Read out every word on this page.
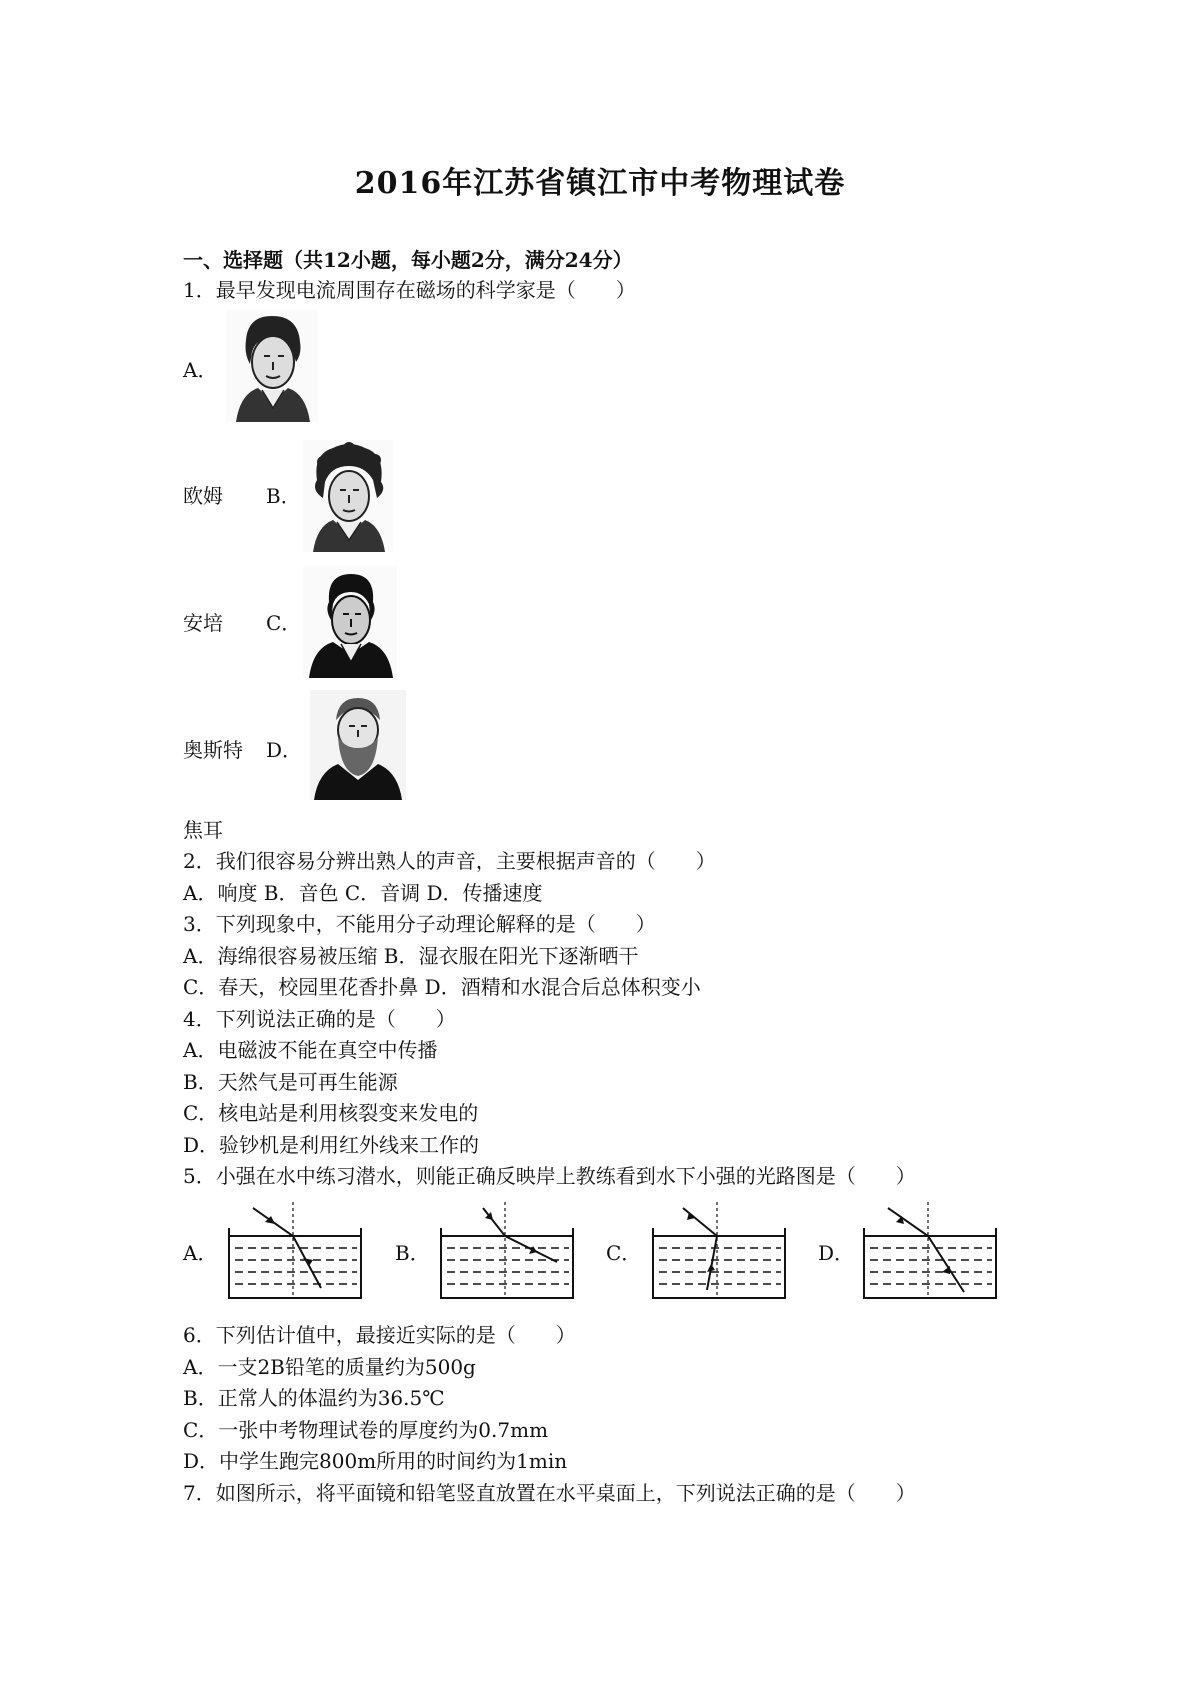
2016年江苏省镇江市中考物理试卷
一、选择题（共12小题，每小题2分，满分24分）
1．最早发现电流周围存在磁场的科学家是（　　）
A．
欧姆 B．
安培 C．
奥斯特 D．
焦耳
2．我们很容易分辨出熟人的声音，主要根据声音的（　　）
A．响度 B．音色 C．音调 D．传播速度
3．下列现象中，不能用分子动理论解释的是（　　）
A．海绵很容易被压缩 B．湿衣服在阳光下逐渐晒干
C．春天，校园里花香扑鼻 D．酒精和水混合后总体积变小
4．下列说法正确的是（　　）
A．电磁波不能在真空中传播
B．天然气是可再生能源
C．核电站是利用核裂变来发电的
D．验钞机是利用红外线来工作的
5．小强在水中练习潜水，则能正确反映岸上教练看到水下小强的光路图是（　　）
A．	B．	C．	D．
6．下列估计值中，最接近实际的是（　　）
A．一支2B铅笔的质量约为500g
B．正常人的体温约为36.5℃
C．一张中考物理试卷的厚度约为0.7mm
D．中学生跑完800m所用的时间约为1min
7．如图所示，将平面镜和铅笔竖直放置在水平桌面上，下列说法正确的是（　　）
